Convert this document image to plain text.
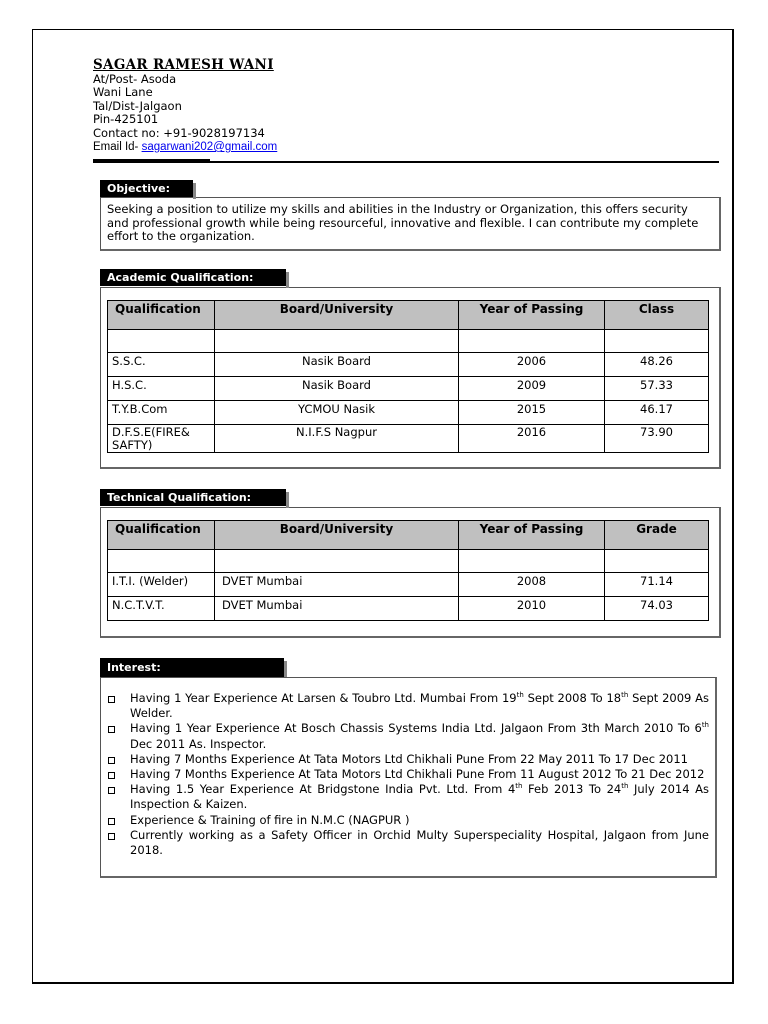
SAGAR RAMESH WANI
At/Post- Asoda
Wani Lane
Tal/Dist-Jalgaon
Pin-425101
Contact no: +91-9028197134
Email Id- sagarwani202@gmail.com
Objective:
Seeking a position to utilize my skills and abilities in the Industry or Organization, this offers security and professional growth while being resourceful, innovative and flexible. I can contribute my complete effort to the organization.
Academic Qualification:
Qualification	Board/University	Year of Passing	Class

S.S.C.	Nasik Board	2006	48.26
H.S.C.	Nasik Board	2009	57.33
T.Y.B.Com	YCMOU Nasik	2015	46.17
D.F.S.E(FIRE& SAFTY)	N.I.F.S Nagpur	2016	73.90
Technical Qualification:
Qualification	Board/University	Year of Passing	Grade

I.T.I. (Welder)	DVET Mumbai	2008	71.14
N.C.T.V.T.	DVET Mumbai	2010	74.03
Interest:
Having 1 Year Experience At Larsen & Toubro Ltd. Mumbai From 19th Sept 2008 To 18th Sept 2009 As Welder.
Having 1 Year Experience At Bosch Chassis Systems India Ltd. Jalgaon From 3th March 2010 To 6th Dec 2011 As. Inspector.
Having 7 Months Experience At Tata Motors Ltd Chikhali Pune From 22 May 2011 To 17 Dec 2011
Having 7 Months Experience At Tata Motors Ltd Chikhali Pune From 11 August 2012 To 21 Dec 2012
Having 1.5 Year Experience At Bridgstone India Pvt. Ltd. From 4th Feb 2013 To 24th July 2014 As Inspection & Kaizen.
Experience & Training of fire in N.M.C (NAGPUR )
Currently working as a Safety Officer in Orchid Multy Superspeciality Hospital, Jalgaon from June 2018.
